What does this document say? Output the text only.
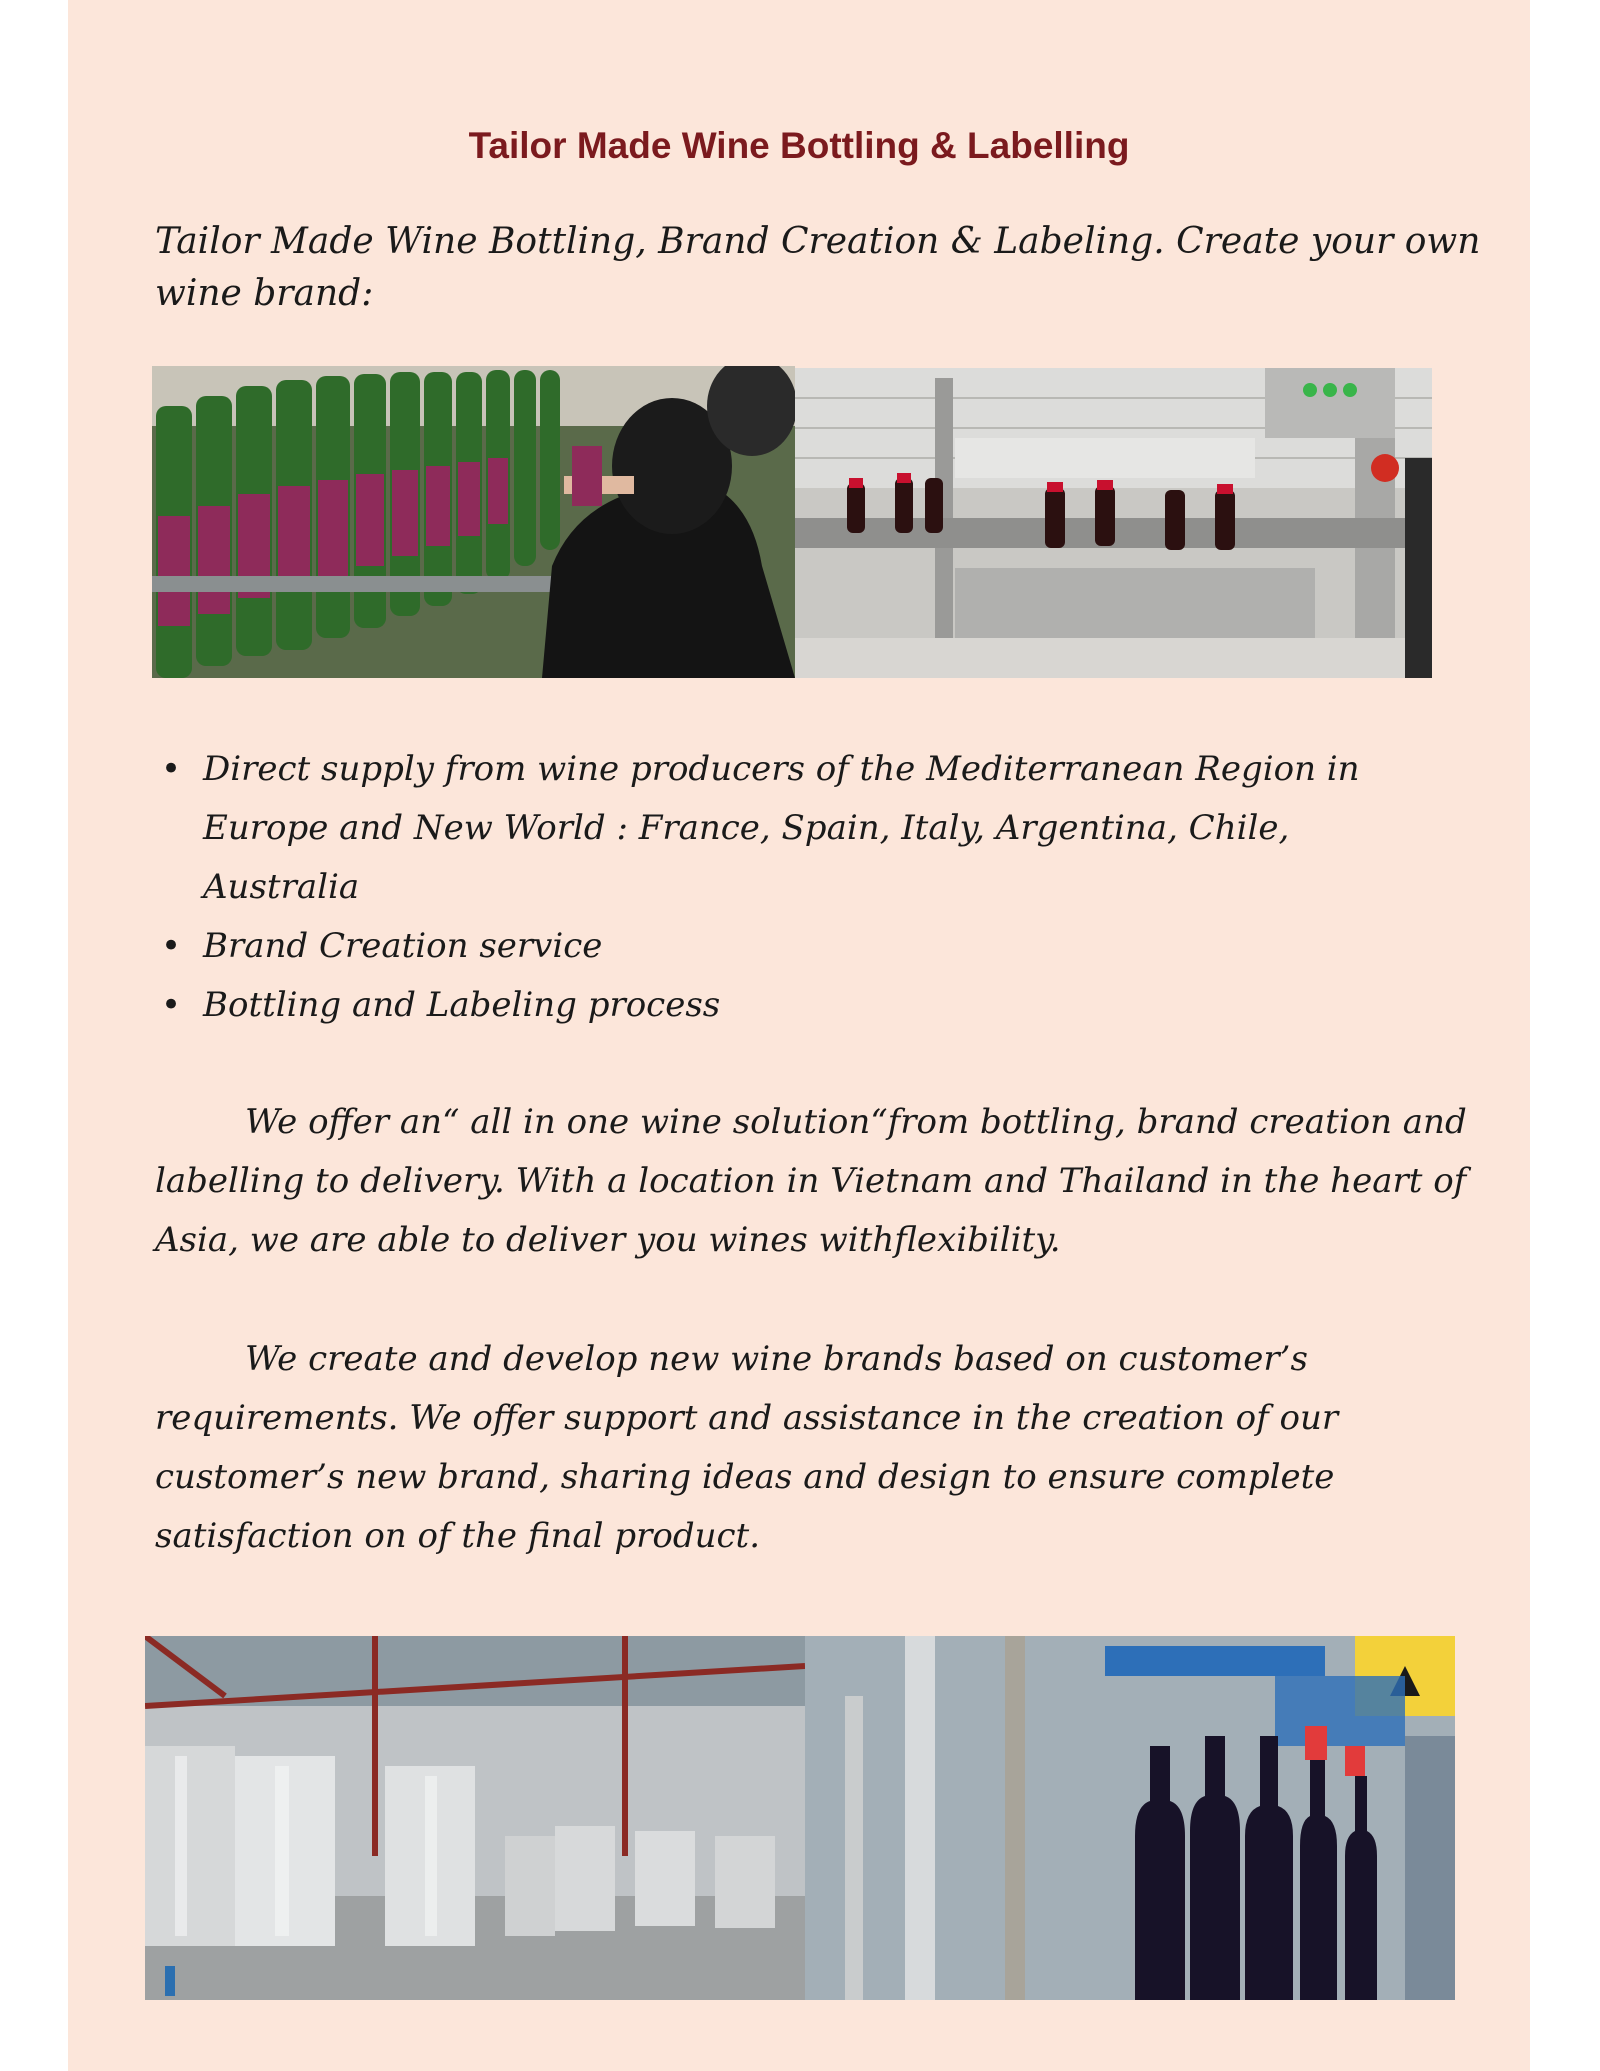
Tailor Made Wine Bottling & Labelling

Tailor Made Wine Bottling, Brand Creation & Labeling. Create your own wine brand:

• Direct supply from wine producers of the Mediterranean Region in Europe and New World : France, Spain, Italy, Argentina, Chile, Australia
• Brand Creation service
• Bottling and Labeling process

We offer an“ all in one wine solution“from bottling, brand creation and labelling to delivery. With a location in Vietnam and Thailand in the heart of Asia, we are able to deliver you wines withflexibility.

We create and develop new wine brands based on customer’s requirements. We offer support and assistance in the creation of our customer’s new brand, sharing ideas and design to ensure complete satisfaction on of the final product.
